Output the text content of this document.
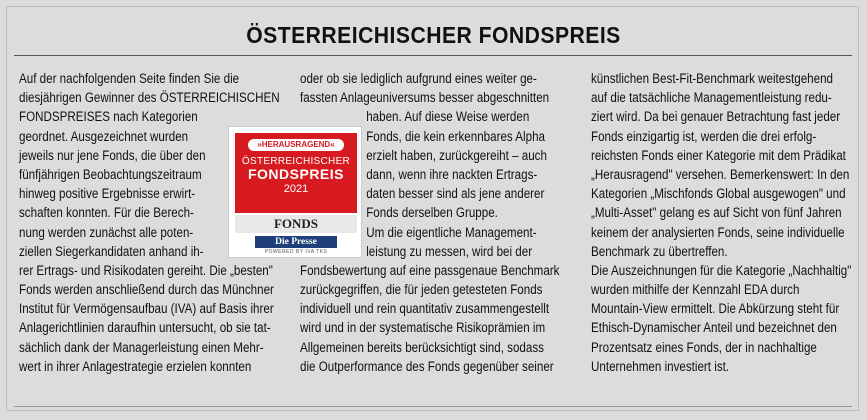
ÖSTERREICHISCHER FONDSPREIS
Auf der nachfolgenden Seite finden Sie die
diesjährigen Gewinner des ÖSTERREICHISCHEN
FONDSPREISES nach Kategorien
geordnet. Ausgezeichnet wurden
jeweils nur jene Fonds, die über den
fünfjährigen Beobachtungszeitraum
hinweg positive Ergebnisse erwirt-
schaften konnten. Für die Berech-
nung werden zunächst alle poten-
ziellen Siegerkandidaten anhand ih-
rer Ertrags- und Risikodaten gereiht. Die „besten"
Fonds werden anschließend durch das Münchner
Institut für Vermögensaufbau (IVA) auf Basis ihrer
Anlagerichtlinien daraufhin untersucht, ob sie tat-
sächlich dank der Managerleistung einen Mehr-
wert in ihrer Anlagestrategie erzielen konnten
oder ob sie lediglich aufgrund eines weiter ge-
fassten Anlageuniversums besser abgeschnitten
haben. Auf diese Weise werden
Fonds, die kein erkennbares Alpha
erzielt haben, zurückgereiht – auch
dann, wenn ihre nackten Ertrags-
daten besser sind als jene anderer
Fonds derselben Gruppe.
Um die eigentliche Management-
leistung zu messen, wird bei der
Fondsbewertung auf eine passgenaue Benchmark
zurückgegriffen, die für jeden getesteten Fonds
individuell und rein quantitativ zusammengestellt
wird und in der systematische Risikoprämien im
Allgemeinen bereits berücksichtigt sind, sodass
die Outperformance des Fonds gegenüber seiner
künstlichen Best-Fit-Benchmark weitestgehend
auf die tatsächliche Managementleistung redu-
ziert wird. Da bei genauer Betrachtung fast jeder
Fonds einzigartig ist, werden die drei erfolg-
reichsten Fonds einer Kategorie mit dem Prädikat
„Herausragend" versehen. Bemerkenswert: In den
Kategorien „Mischfonds Global ausgewogen" und
„Multi-Asset" gelang es auf Sicht von fünf Jahren
keinem der analysierten Fonds, seine individuelle
Benchmark zu übertreffen.
Die Auszeichnungen für die Kategorie „Nachhaltig"
wurden mithilfe der Kennzahl EDA durch
Mountain-View ermittelt. Die Abkürzung steht für
Ethisch-Dynamischer Anteil und bezeichnet den
Prozentsatz eines Fonds, der in nachhaltige
Unternehmen investiert ist.
»HERAUSRAGEND«
ÖSTERREICHISCHER
FONDSPREIS
2021
FONDS
Die Presse
POWERED BY IVA TKS
